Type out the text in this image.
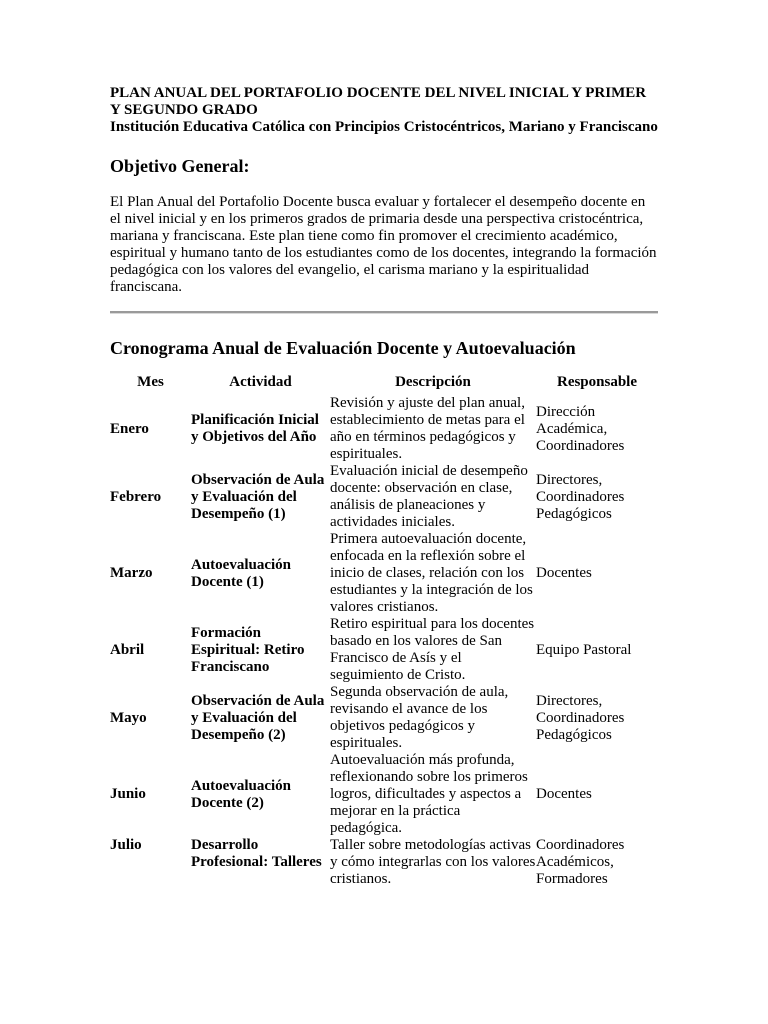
PLAN ANUAL DEL PORTAFOLIO DOCENTE DEL NIVEL INICIAL Y PRIMER Y SEGUNDO GRADO

Institución Educativa Católica con Principios Cristocéntricos, Mariano y Franciscano

Objetivo General:

El Plan Anual del Portafolio Docente busca evaluar y fortalecer el desempeño docente en el nivel inicial y en los primeros grados de primaria desde una perspectiva cristocéntrica, mariana y franciscana. Este plan tiene como fin promover el crecimiento académico, espiritual y humano tanto de los estudiantes como de los docentes, integrando la formación pedagógica con los valores del evangelio, el carisma mariano y la espiritualidad franciscana.

Cronograma Anual de Evaluación Docente y Autoevaluación
Mes	Actividad	Descripción	Responsable
Enero	Planificación Inicial y Objetivos del Año	Revisión y ajuste del plan anual, establecimiento de metas para el año en términos pedagógicos y espirituales.	Dirección Académica, Coordinadores
Febrero	Observación de Aula y Evaluación del Desempeño (1)	Evaluación inicial de desempeño docente: observación en clase, análisis de planeaciones y actividades iniciales.	Directores, Coordinadores Pedagógicos
Marzo	Autoevaluación Docente (1)	Primera autoevaluación docente, enfocada en la reflexión sobre el inicio de clases, relación con los estudiantes y la integración de los valores cristianos.	Docentes
Abril	Formación Espiritual: Retiro Franciscano	Retiro espiritual para los docentes basado en los valores de San Francisco de Asís y el seguimiento de Cristo.	Equipo Pastoral
Mayo	Observación de Aula y Evaluación del Desempeño (2)	Segunda observación de aula, revisando el avance de los objetivos pedagógicos y espirituales.	Directores, Coordinadores Pedagógicos
Junio	Autoevaluación Docente (2)	Autoevaluación más profunda, reflexionando sobre los primeros logros, dificultades y aspectos a mejorar en la práctica pedagógica.	Docentes
Julio	Desarrollo Profesional: Talleres	Taller sobre metodologías activas y cómo integrarlas con los valores cristianos.	Coordinadores Académicos, Formadores
